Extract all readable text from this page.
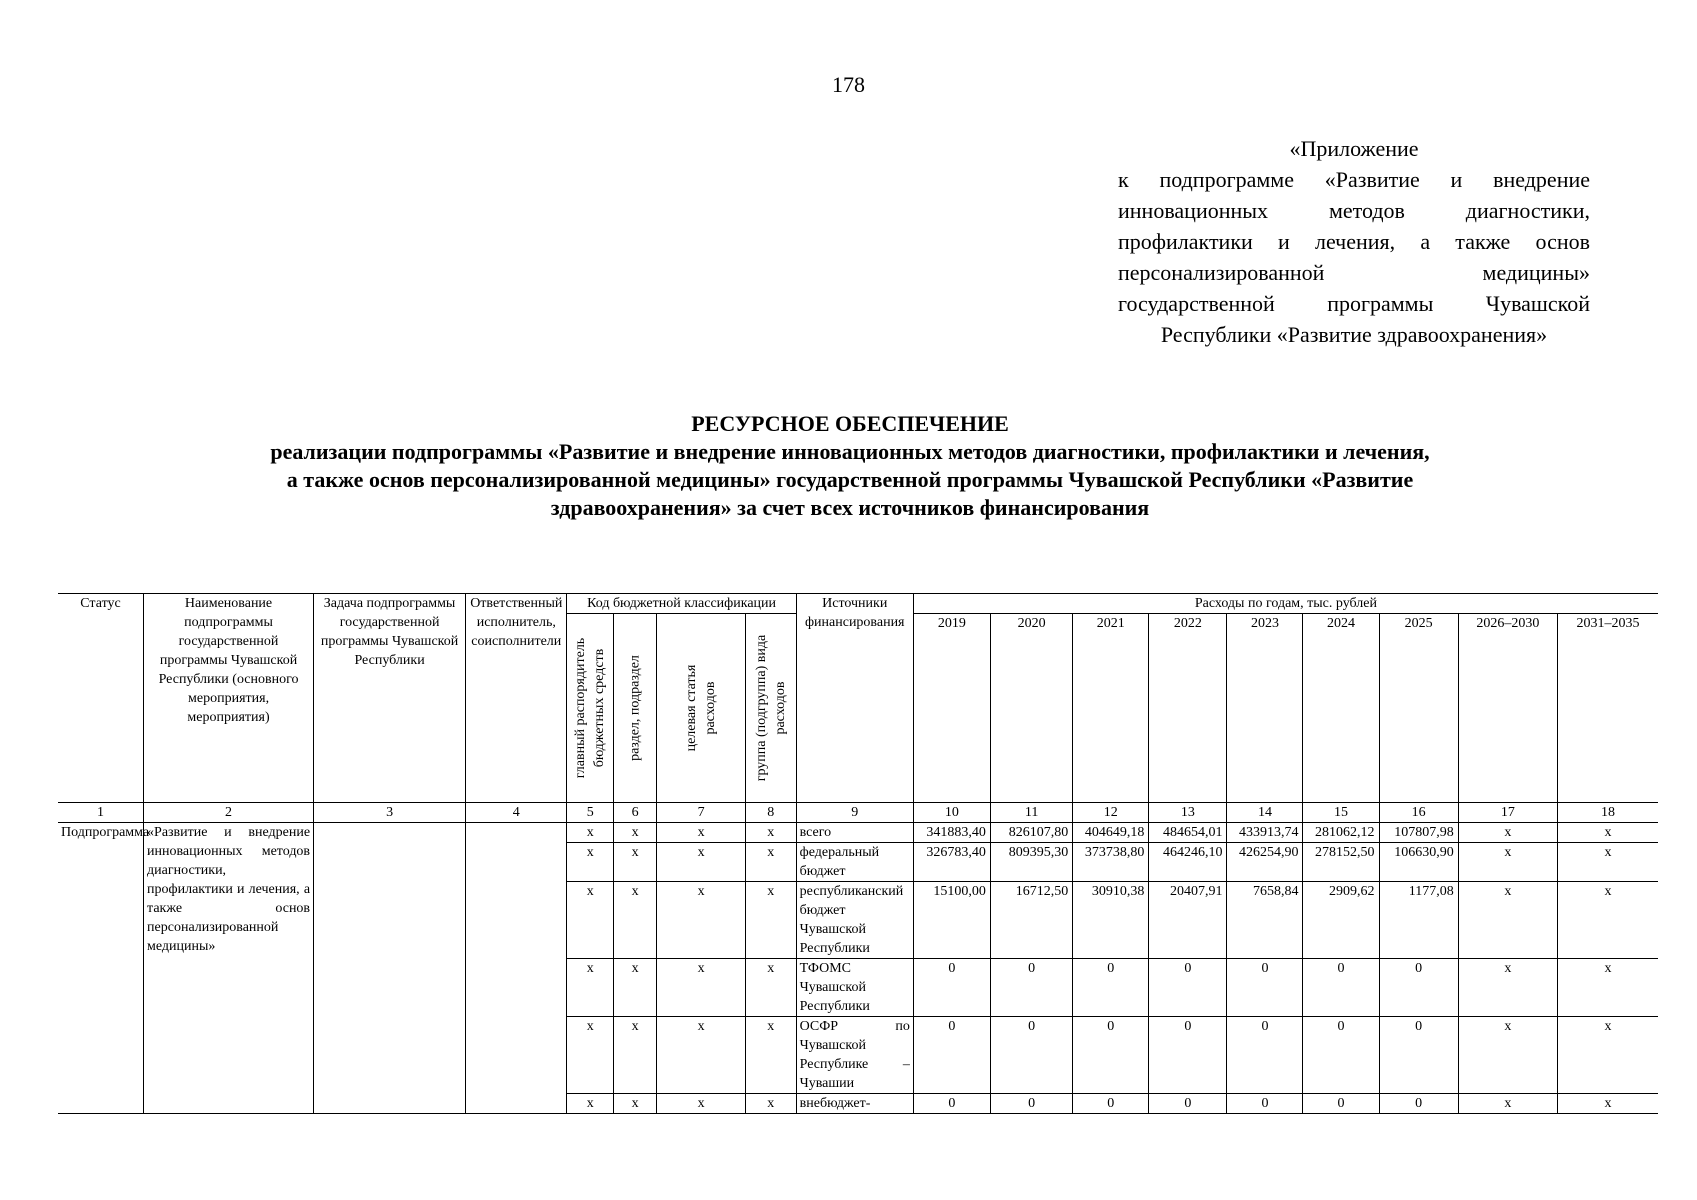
178
«Приложение
к подпрограмме «Развитие и внедрение инновационных методов диагностики, профилактики и лечения, а также основ персонализированной медицины» государственной программы Чувашской Республики «Развитие здравоохранения»
РЕСУРСНОЕ ОБЕСПЕЧЕНИЕ
реализации подпрограммы «Развитие и внедрение инновационных методов диагностики, профилактики и лечения,
а также основ персонализированной медицины» государственной программы Чувашской Республики «Развитие
здравоохранения» за счет всех источников финансирования
Статус	Наименование подпрограммы государственной программы Чувашской Республики (основного мероприятия, мероприятия)	Задача подпрограммы государственной программы Чувашской Республики	Ответственный исполнитель, соисполнители	Код бюджетной классификации				Источники финансирования	Расходы по годам, тыс. рублей								

				главный распорядитель бюджетных средств	раздел, подраздел	целевая статья расходов	группа (подгруппа) вида расходов		2019	2020	2021	2022	2023	2024	2025	2026–2030	2031–2035

1	2	3	4	5	6	7	8	9	10	11	12	13	14	15	16	17	18
Подпрограмма	«Развитие и внедрение инновационных методов диагностики, профилактики и лечения, а также основ персонализированной медицины»			х	х	х	х	всего	341883,40	826107,80	404649,18	484654,01	433913,74	281062,12	107807,98	х	х
				х	х	х	х	федеральный бюджет	326783,40	809395,30	373738,80	464246,10	426254,90	278152,50	106630,90	х	х
				х	х	х	х	республиканский бюджет Чувашской Республики	15100,00	16712,50	30910,38	20407,91	7658,84	2909,62	1177,08	х	х
				х	х	х	х	ТФОМС Чувашской Республики	0	0	0	0	0	0	0	х	х
				х	х	х	х	ОСФР по Чувашской Республике – Чувашии	0	0	0	0	0	0	0	х	х
				х	х	х	х	внебюджет-	0	0	0	0	0	0	0	х	х
